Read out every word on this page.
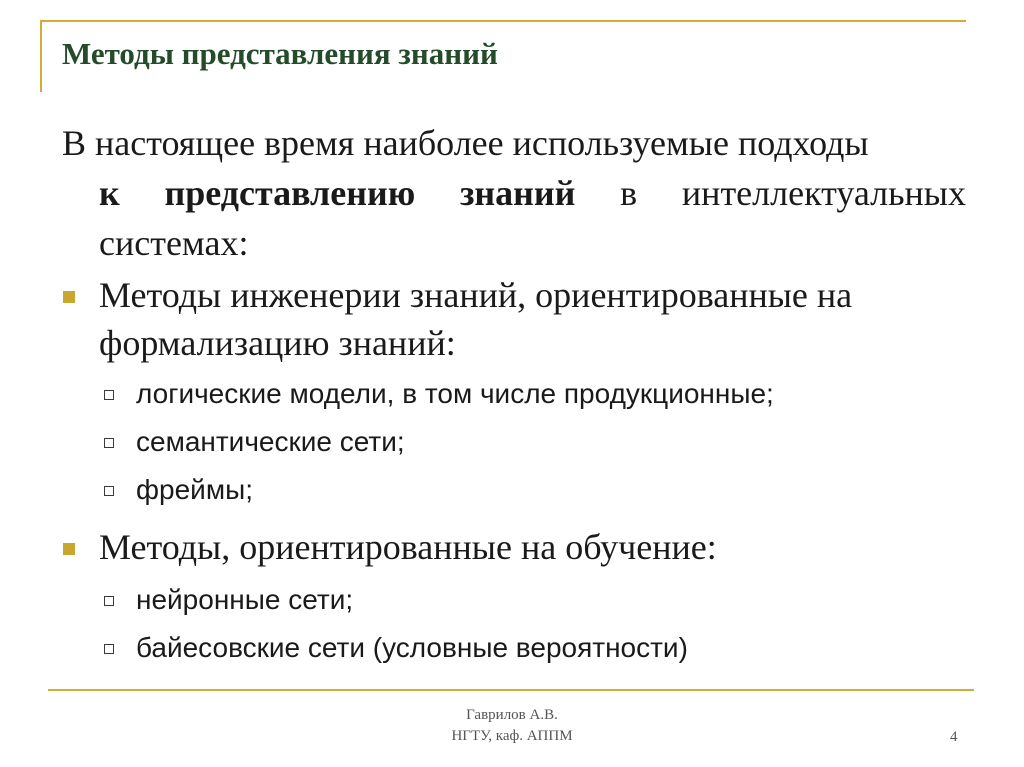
Методы представления знаний

В настоящее время наиболее используемые подходы
к представлению знаний в интеллектуальных
системах:

Методы инженерии знаний, ориентированные на
формализацию знаний:
логические модели, в том числе продукционные;
семантические сети;
фреймы;
Методы, ориентированные на обучение:
нейронные сети;
байесовские сети (условные вероятности)
Гаврилов А.В.
НГТУ, каф. АППМ	4
